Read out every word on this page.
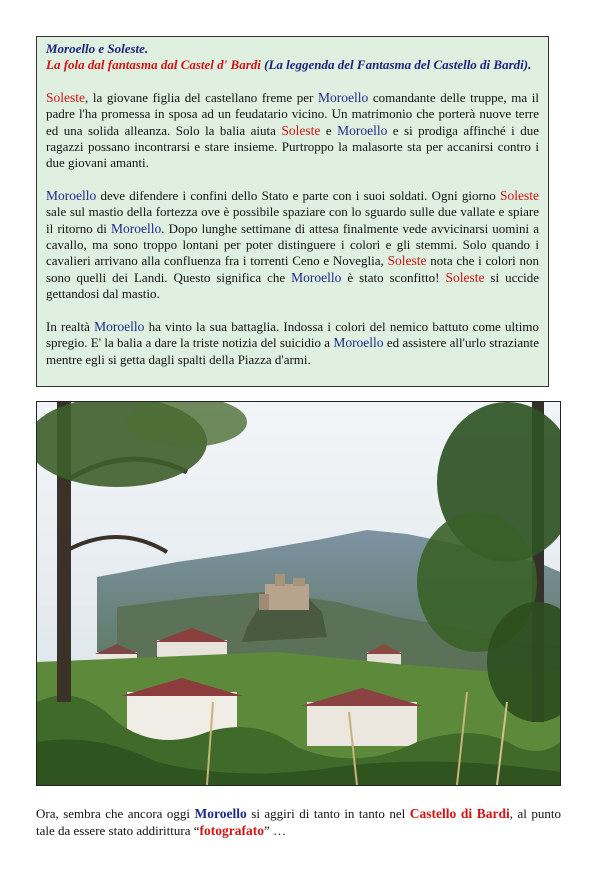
Moroello e Soleste.
La fola dal fantasma dal Castel d' Bardi (La leggenda del Fantasma del Castello di Bardi).

Soleste, la giovane figlia del castellano freme per Moroello comandante delle truppe, ma il padre l'ha promessa in sposa ad un feudatario vicino. Un matrimonio che porterà nuove terre ed una solida alleanza. Solo la balia aiuta Soleste e Moroello e si prodiga affinché i due ragazzi possano incontrarsi e stare insieme. Purtroppo la malasorte sta per accanirsi contro i due giovani amanti.

Moroello deve difendere i confini dello Stato e parte con i suoi soldati. Ogni giorno Soleste sale sul mastio della fortezza ove è possibile spaziare con lo sguardo sulle due vallate e spiare il ritorno di Moroello. Dopo lunghe settimane di attesa finalmente vede avvicinarsi uomini a cavallo, ma sono troppo lontani per poter distinguere i colori e gli stemmi. Solo quando i cavalieri arrivano alla confluenza fra i torrenti Ceno e Noveglia, Soleste nota che i colori non sono quelli dei Landi. Questo significa che Moroello è stato sconfitto! Soleste si uccide gettandosi dal mastio.

In realtà Moroello ha vinto la sua battaglia. Indossa i colori del nemico battuto come ultimo spregio. E' la balia a dare la triste notizia del suicidio a Moroello ed assistere all'urlo straziante mentre egli si getta dagli spalti della Piazza d'armi.

Ora, sembra che ancora oggi Moroello si aggiri di tanto in tanto nel Castello di Bardi, al punto tale da essere stato addirittura “fotografato” …
